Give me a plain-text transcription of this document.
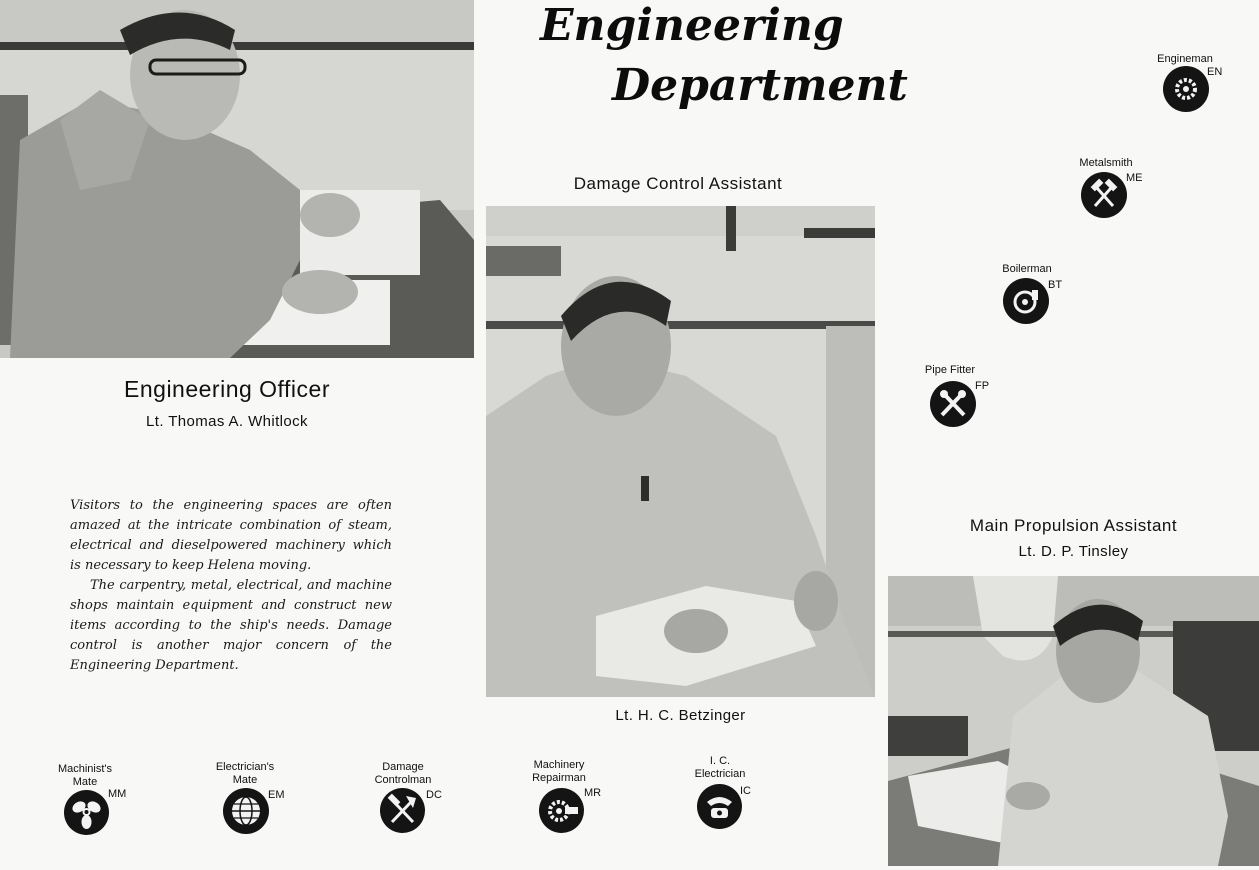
Engineering
Department
Engineering Officer
Lt. Thomas A. Whitlock

Visitors to the engineering spaces are often amazed at the intricate combination of steam, electrical and dieselpowered machinery which is necessary to keep Helena moving.

The carpentry, metal, electrical, and machine shops maintain equipment and construct new items according to the ship's needs. Damage control is another major concern of the Engineering Department.

Damage Control Assistant
Lt. H. C. Betzinger
Main Propulsion Assistant
Lt. D. P. Tinsley
Engineman
EN
Metalsmith
ME
Boilerman
BT
Pipe Fitter
FP
Machinist's
Mate
MM
Electrician's
Mate
EM
Damage
Controlman
DC
Machinery
Repairman
MR
I. C.
Electrician
IC
